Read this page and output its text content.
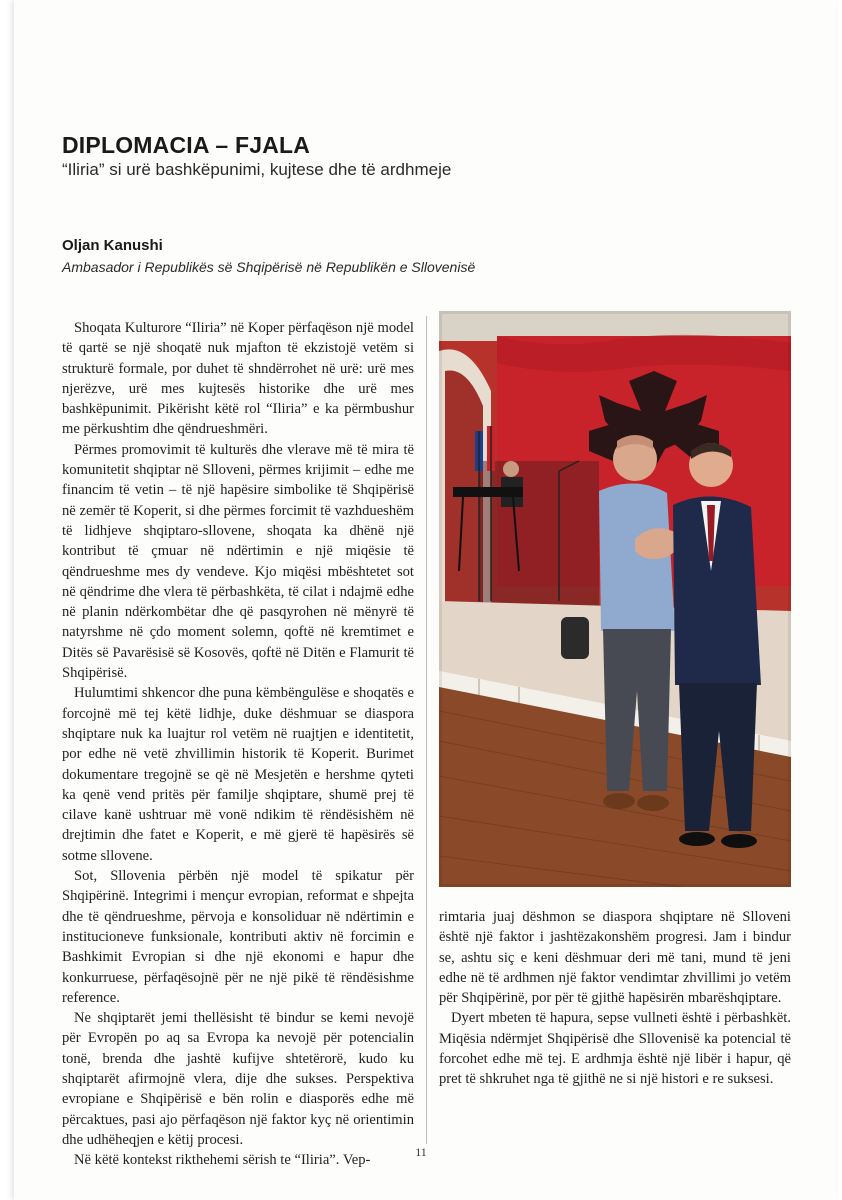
DIPLOMACIA – FJALA
“Iliria” si urë bashkëpunimi, kujtese dhe të ardhmeje
Oljan Kanushi
Ambasador i Republikës së Shqipërisë në Republikën e Sllovenisë

Shoqata Kulturore “Iliria” në Koper përfaqëson një model të qartë se një shoqatë nuk mjafton të ekzistojë vetëm si strukturë formale, por duhet të shndërrohet në urë: urë mes njerëzve, urë mes kujtesës historike dhe urë mes bashkëpunimit. Pikërisht këtë rol “Iliria” e ka përmbushur me përkushtim dhe qëndrueshmëri.

Përmes promovimit të kulturës dhe vlerave më të mira të komunitetit shqiptar në Slloveni, përmes krijimit – edhe me financim të vetin – të një hapësire simbolike të Shqipërisë në zemër të Koperit, si dhe përmes forcimit të vazhdueshëm të lidhjeve shqiptaro-sllovene, shoqata ka dhënë një kontribut të çmuar në ndërtimin e një miqësie të qëndrueshme mes dy vendeve. Kjo miqësi mbështetet sot në qëndrime dhe vlera të përbashkëta, të cilat i ndajmë edhe në planin ndërkombëtar dhe që pasqyrohen në mënyrë të natyrshme në çdo moment solemn, qoftë në kremtimet e Ditës së Pavarësisë së Kosovës, qoftë në Ditën e Flamurit të Shqipërisë.

Hulumtimi shkencor dhe puna këmbëngulëse e shoqatës e forcojnë më tej këtë lidhje, duke dëshmuar se diaspora shqiptare nuk ka luajtur rol vetëm në ruajtjen e identitetit, por edhe në vetë zhvillimin historik të Koperit. Burimet dokumentare tregojnë se që në Mesjetën e hershme qyteti ka qenë vend pritës për familje shqiptare, shumë prej të cilave kanë ushtruar më vonë ndikim të rëndësishëm në drejtimin dhe fatet e Koperit, e më gjerë të hapësirës së sotme sllovene.

Sot, Sllovenia përbën një model të spikatur për Shqipërinë. Integrimi i mençur evropian, reformat e shpejta dhe të qëndrueshme, përvoja e konsoliduar në ndërtimin e institucioneve funksionale, kontributi aktiv në forcimin e Bashkimit Evropian si dhe një ekonomi e hapur dhe konkurruese, përfaqësojnë për ne një pikë të rëndësishme reference.

Ne shqiptarët jemi thellësisht të bindur se kemi nevojë për Evropën po aq sa Evropa ka nevojë për potencialin tonë, brenda dhe jashtë kufijve shtetërorë, kudo ku shqiptarët afirmojnë vlera, dije dhe sukses. Perspektiva evropiane e Shqipërisë e bën rolin e diasporës edhe më përcaktues, pasi ajo përfaqëson një faktor kyç në orientimin dhe udhëheqjen e këtij procesi.

Në këtë kontekst rikthehemi sërish te “Iliria”. Vep-

rimtaria juaj dëshmon se diaspora shqiptare në Slloveni është një faktor i jashtëzakonshëm progresi. Jam i bindur se, ashtu siç e keni dëshmuar deri më tani, mund të jeni edhe në të ardhmen një faktor vendimtar zhvillimi jo vetëm për Shqipërinë, por për të gjithë hapësirën mbarëshqiptare.

Dyert mbeten të hapura, sepse vullneti është i përbashkët. Miqësia ndërmjet Shqipërisë dhe Sllovenisë ka potencial të forcohet edhe më tej. E ardhmja është një libër i hapur, që pret të shkruhet nga të gjithë ne si një histori e re suksesi.

11
